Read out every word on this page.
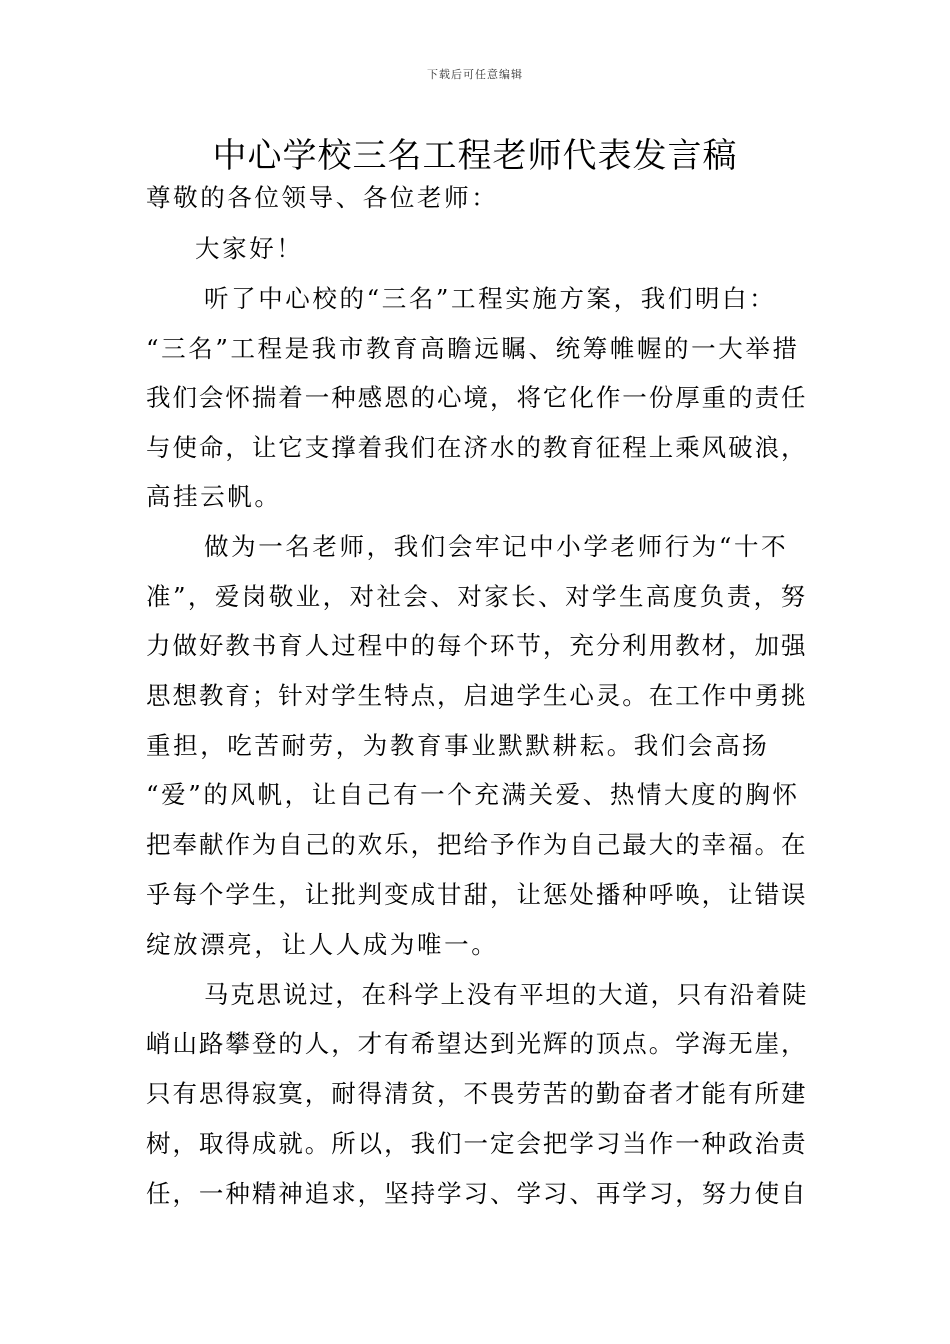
下载后可任意编辑
中心学校三名工程老师代表发言稿
尊敬的各位领导、各位老师：
大家好！
听了中心校的“三名”工程实施方案，我们明白：
“三名”工程是我市教育高瞻远瞩、统筹帷幄的一大举措
我们会怀揣着一种感恩的心境，将它化作一份厚重的责任
与使命，让它支撑着我们在济水的教育征程上乘风破浪，
高挂云帆。
做为一名老师，我们会牢记中小学老师行为“十不
准”，爱岗敬业，对社会、对家长、对学生高度负责，努
力做好教书育人过程中的每个环节，充分利用教材，加强
思想教育；针对学生特点，启迪学生心灵。在工作中勇挑
重担，吃苦耐劳，为教育事业默默耕耘。我们会高扬
“爱”的风帆，让自己有一个充满关爱、热情大度的胸怀
把奉献作为自己的欢乐，把给予作为自己最大的幸福。在
乎每个学生，让批判变成甘甜，让惩处播种呼唤，让错误
绽放漂亮，让人人成为唯一。
马克思说过，在科学上没有平坦的大道，只有沿着陡
峭山路攀登的人，才有希望达到光辉的顶点。学海无崖，
只有思得寂寞，耐得清贫，不畏劳苦的勤奋者才能有所建
树，取得成就。所以，我们一定会把学习当作一种政治责
任，一种精神追求，坚持学习、学习、再学习，努力使自
